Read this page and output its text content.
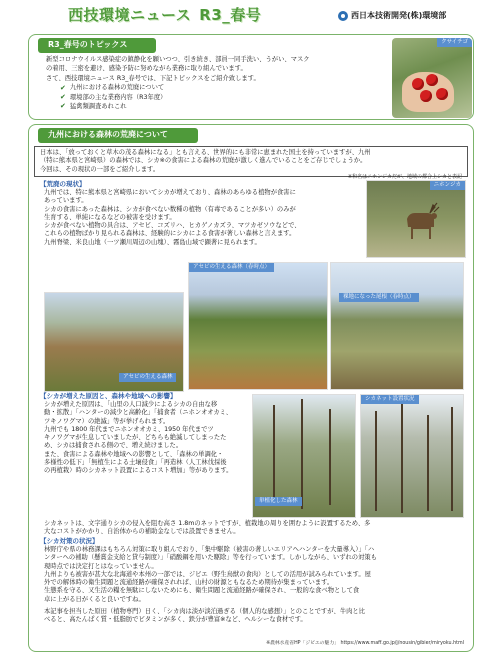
西技環境ニュース R3_春号	西日本技術開発(株)環境部
R3_春号のトピックス

新型コロナウイルス感染症の鎮静化を願いつつ、引き続き、部員一同手洗い、うがい、マスク

の着用、三密を避け、感染予防に努めながら業務に取り組んでいます。

さて、西技環境ニュース R3_春号では、下記トピックスをご紹介致します。

✔ 九州における森林の荒廃について
✔ 環境部の主な業務内容（R3年度）
✔ 猛禽類調査あれこれ
クサイチゴ
九州における森林の荒廃について
日本は、「放っておくと草木の茂る森林になる」とも言える、世界的にも非常に恵まれた国土を持っていますが、九州
（特に熊本県と宮崎県）の森林では、シカ※の食害による森林の荒廃が激しく進んでいることをご存じでしょうか。
今回は、その現状の一部をご紹介します。
※和名はニホンジカだが、地域の都合上シカと表記
【荒廃の現状】
九州では、特に熊本県と宮崎県においてシカが増えており、森林のあらゆる植物が食害に
あっています。
シカの食害にあった森林は、シカが食べない数種の植物（有毒であることが多い）のみが
生育する、単純になるなどの被害を受けます。
シカが食べない植物の具合は、アセビ、コズリハ、ヒカゲノカズラ、マツカゼソウなどで、
これらの植物ばかり見られる森林は、経験的にシカによる食害が著しい森林と言えます。
九州脊梁、米良山地（一ツ瀬川周辺の山塊）、霧島山域で顕著に見られます。
ニホンジカ
アセビの生える森林（春時点）
裸地になった尾根（春時点）
アセビの生える森林
【シカが増えた原因と、森林や地域への影響】
シカが増えた原因は、「山里の人口減少によるシカの自由な移
動・拡散」「ハンターの減少と高齢化」「捕食者（ニホンオオカミ、
ツキノワグマ）の絶滅」等が挙げられます。
九州でも 1800 年代までニホンオオカミ、1950 年代までツ
キノワグマが生息していましたが、どちらも絶滅してしまったた
め、シカは捕食される側ので、増え続けました。
また、食害による森林や地域への影響として、「森林の単調化・
多様性の低下」「無植生による土壌侵食」「再造林（人工林伐採後
の再植栽）時のシカネット設置によるコスト増加」等があります。
単植化した森林
シカネット設置状況
シカネットは、文字通りシカの侵入を阻む高さ 1.8mのネットですが、植栽地の周りを囲むように設置するため、多
大なコストがかかり、自治体からの補助金なしでは設置できません。
【シカ対策の状況】
林野庁や県の林務課はもちろん対策に取り組んでおり、「集中駆除（被害の著しいエリアへハンターを大量導入）」「ハ
ンターへの補助（懸賞金支給と貸与制度）」「硝酸鋼を用いた駆除」等を行っています。しかしながら、いずれの対策も
現時点では決定打とはなっていません。
九州よりも被害が甚大な北海道や本州の一部では、ジビエ（野生鳥獣の食肉）としての活用が試みられています。屋
外での解体時の衛生問題と流通経路が確保されれば、山村の財源ともなるため期待が集まっています。
生態系を守る、又生活の糧を無駄にしないためにも、衛生問題と流通経路が確保され、一般的な食べ物として食
卓に上がる日がくると良いですね。
本記事を担当した原田（植物専門）日く、「シカ肉は淡が淡泊過ぎる（個人的な感想）」とのことですが、牛肉と比
べると、高たんぱく質・低脂肪でビタミンが多く、鉄分が豊富※など、ヘルシーな食材です。
※農林水産省HP「ジビエの魅力」 https://www.maff.go.jp/j/nousin/gibier/miryoku.html
